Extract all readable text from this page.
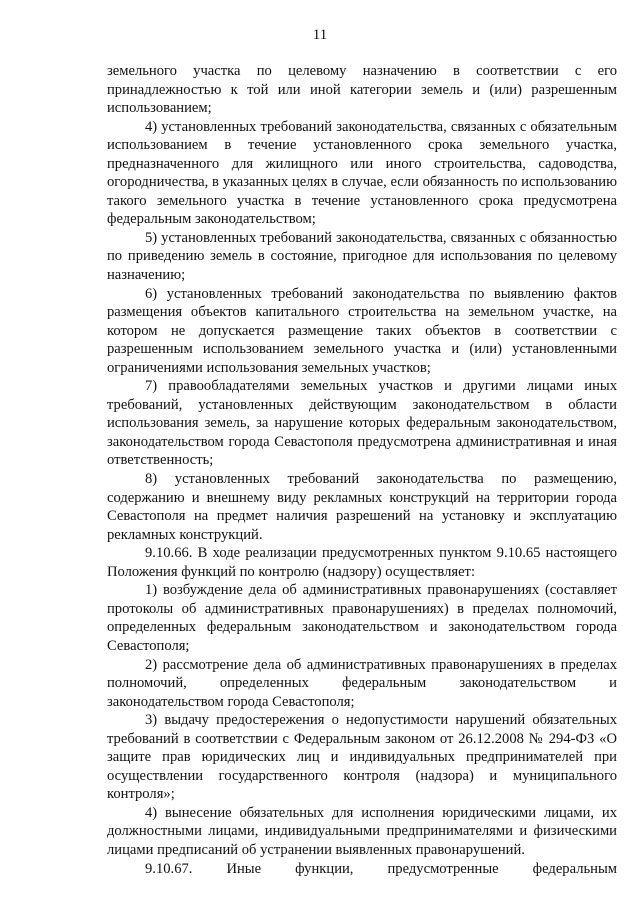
11

земельного участка по целевому назначению в соответствии с его принадлежностью к той или иной категории земель и (или) разрешенным использованием;

4) установленных требований законодательства, связанных с обязательным использованием в течение установленного срока земельного участка, предназначенного для жилищного или иного строительства, садоводства, огородничества, в указанных целях в случае, если обязанность по использованию такого земельного участка в течение установленного срока предусмотрена федеральным законодательством;

5) установленных требований законодательства, связанных с обязанностью по приведению земель в состояние, пригодное для использования по целевому назначению;

6) установленных требований законодательства по выявлению фактов размещения объектов капитального строительства на земельном участке, на котором не допускается размещение таких объектов в соответствии с разрешенным использованием земельного участка и (или) установленными ограничениями использования земельных участков;

7) правообладателями земельных участков и другими лицами иных требований, установленных действующим законодательством в области использования земель, за нарушение которых федеральным законодательством, законодательством города Севастополя предусмотрена административная и иная ответственность;

8) установленных требований законодательства по размещению, содержанию и внешнему виду рекламных конструкций на территории города Севастополя на предмет наличия разрешений на установку и эксплуатацию рекламных конструкций.

9.10.66. В ходе реализации предусмотренных пунктом 9.10.65 настоящего Положения функций по контролю (надзору) осуществляет:

1) возбуждение дела об административных правонарушениях (составляет протоколы об административных правонарушениях) в пределах полномочий, определенных федеральным законодательством и законодательством города Севастополя;

2) рассмотрение дела об административных правонарушениях в пределах полномочий, определенных федеральным законодательством и законодательством города Севастополя;

3) выдачу предостережения о недопустимости нарушений обязательных требований в соответствии с Федеральным законом от 26.12.2008 № 294-ФЗ «О защите прав юридических лиц и индивидуальных предпринимателей при осуществлении государственного контроля (надзора) и муниципального контроля»;

4) вынесение обязательных для исполнения юридическими лицами, их должностными лицами, индивидуальными предпринимателями и физическими лицами предписаний об устранении выявленных правонарушений.

9.10.67. Иные функции, предусмотренные федеральным
